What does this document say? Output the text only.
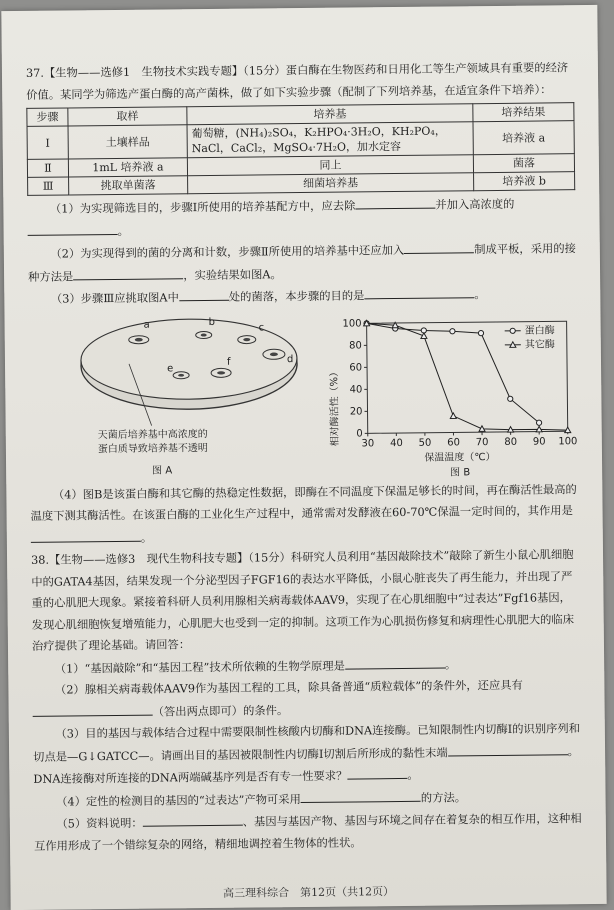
37.【生物——选修1　生物技术实践专题】（15分）蛋白酶在生物医药和日用化工等生产领域具有重要的经济价值。某同学为筛选产蛋白酶的高产菌株，做了如下实验步骤（配制了下列培养基，在适宜条件下培养）：

步骤	取样	培养基	培养结果
Ⅰ	土壤样品	葡萄糖，(NH₄)₂SO₄，K₂HPO₄·3H₂O，KH₂PO₄，NaCl，CaCl₂，MgSO₄·7H₂O，加水定容	培养液 a
Ⅱ	1mL 培养液 a	同上	菌落
Ⅲ	挑取单菌落	细菌培养基	培养液 b

（1）为实现筛选目的，步骤Ⅰ所使用的培养基配方中，应去除	并加入高浓度的。

（2）为实现得到的菌的分离和计数，步骤Ⅱ所使用的培养基中还应加入	制成平板，采用的接种方法是	，实验结果如图A。

（3）步骤Ⅲ应挑取图A中	处的菌落，本步骤的目的是	。

a	b	c
d
e
f
天菌后培养基中高浓度的
蛋白质导致培养基不透明
图 A
相对酶活性（%）
保温温度（℃）
图 B
0
20
40
60
80
100
30 40 50 60 70 80 90 100
蛋白酶
其它酶

（4）图B是该蛋白酶和其它酶的热稳定性数据，即酶在不同温度下保温足够长的时间，再在酶活性最高的温度下测其酶活性。在该蛋白酶的工业化生产过程中，通常需对发酵液在60-70℃保温一定时间的，其作用是。

38.【生物——选修3　现代生物科技专题】（15分）科研究人员利用“基因敲除技术”敲除了新生小鼠心肌细胞中的GATA4基因，结果发现一个分泌型因子FGF16的表达水平降低，小鼠心脏丧失了再生能力，并出现了严重的心肌肥大现象。紧接着科研人员利用腺相关病毒载体AAV9，实现了在心肌细胞中“过表达”Fgf16基因，发现心肌细胞恢复增殖能力，心肌肥大也受到一定的抑制。这项工作为心肌损伤修复和病理性心肌肥大的临床治疗提供了理论基础。请回答：

（1）“基因敲除”和“基因工程”技术所依赖的生物学原理是	。

（2）腺相关病毒载体AAV9作为基因工程的工具，除具备普通“质粒载体”的条件外，还应具有（答出两点即可）的条件。

（3）目的基因与载体结合过程中需要限制性核酸内切酶和DNA连接酶。已知限制性内切酶Ⅰ的识别序列和切点是—G↓GATCC—。请画出目的基因被限制性内切酶Ⅰ切割后所形成的黏性末端	。DNA连接酶对所连接的DNA两端碱基序列是否有专一性要求？	。

（4）定性的检测目的基因的“过表达”产物可采用	的方法。

（5）资料说明：	、基因与基因产物、基因与环境之间存在着复杂的相互作用，这种相互作用形成了一个错综复杂的网络，精细地调控着生物体的性状。

高三理科综合　第12页（共12页）
